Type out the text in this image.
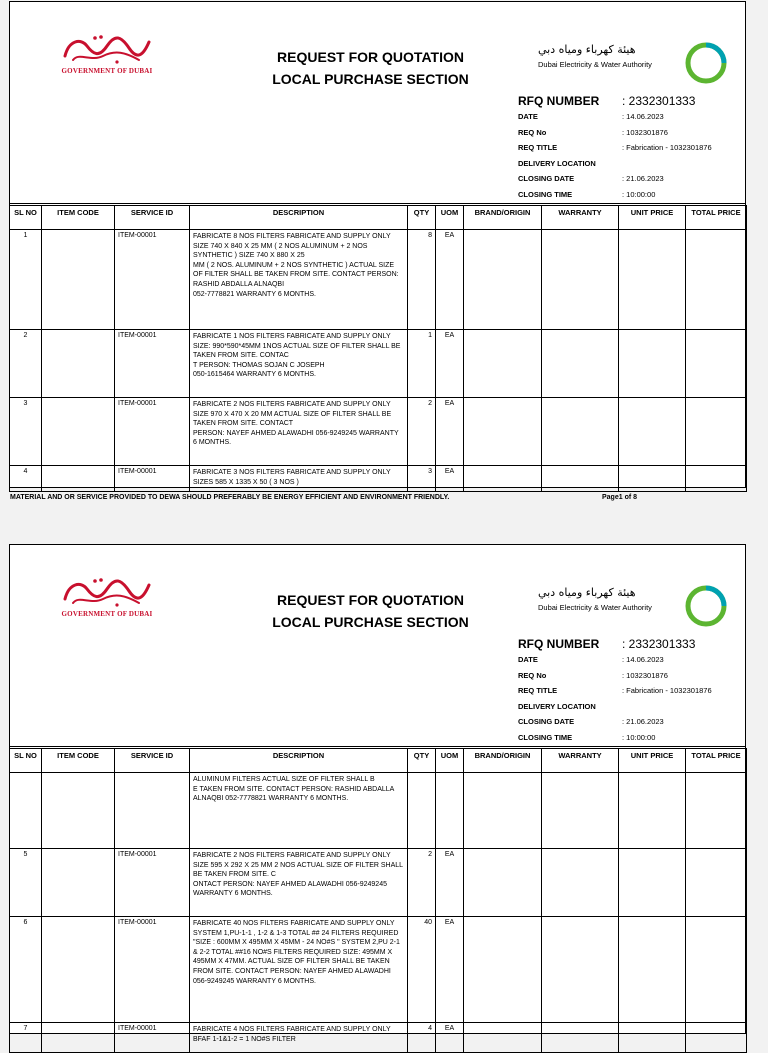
GOVERNMENT OF DUBAI
REQUEST FOR QUOTATION
LOCAL PURCHASE SECTION
هيئة كهرباء ومياه دبي
Dubai Electricity & Water Authority
RFQ NUMBER : 2332301333
DATE	: 14.06.2023
REQ No	: 1032301876
REQ TITLE	: Fabrication - 1032301876
DELIVERY LOCATION
CLOSING DATE	: 21.06.2023
CLOSING TIME	: 10:00:00
SL NO	ITEM CODE	SERVICE ID	DESCRIPTION	QTY	UOM	BRAND/ORIGIN	WARRANTY	UNIT PRICE	TOTAL PRICE
1		ITEM-00001	FABRICATE 8 NOS FILTERS FABRICATE AND SUPPLY ONLY SIZE 740 X 840 X 25 MM ( 2 NOS ALUMINUM + 2 NOS SYNTHETIC ) SIZE 740 X 880 X 25
MM ( 2 NOS. ALUMINUM + 2 NOS SYNTHETIC ) ACTUAL SIZE OF FILTER SHALL BE TAKEN FROM SITE. CONTACT PERSON: RASHID ABDALLA ALNAQBI
052-7778821 WARRANTY 6 MONTHS.	8	EA				
2		ITEM-00001	FABRICATE 1 NOS FILTERS FABRICATE AND SUPPLY ONLY SIZE: 990*590*45MM 1NOS ACTUAL SIZE OF FILTER SHALL BE TAKEN FROM SITE. CONTAC
T PERSON: THOMAS SOJAN C JOSEPH
050-1615464 WARRANTY 6 MONTHS.	1	EA				
3		ITEM-00001	FABRICATE 2 NOS FILTERS FABRICATE AND SUPPLY ONLY SIZE 970 X 470 X 20 MM ACTUAL SIZE OF FILTER SHALL BE TAKEN FROM SITE. CONTACT
PERSON: NAYEF AHMED ALAWADHI 056-9249245 WARRANTY 6 MONTHS.	2	EA				
4		ITEM-00001	FABRICATE 3 NOS FILTERS FABRICATE AND SUPPLY ONLY SIZES 585 X 1335 X 50 ( 3 NOS )	3	EA				
MATERIAL AND OR SERVICE PROVIDED TO DEWA SHOULD PREFERABLY BE ENERGY EFFICIENT AND ENVIRONMENT FRIENDLY.	Page1 of 8
GOVERNMENT OF DUBAI
REQUEST FOR QUOTATION
LOCAL PURCHASE SECTION
هيئة كهرباء ومياه دبي
Dubai Electricity & Water Authority
RFQ NUMBER : 2332301333
DATE	: 14.06.2023
REQ No	: 1032301876
REQ TITLE	: Fabrication - 1032301876
DELIVERY LOCATION
CLOSING DATE	: 21.06.2023
CLOSING TIME	: 10:00:00
SL NO	ITEM CODE	SERVICE ID	DESCRIPTION	QTY	UOM	BRAND/ORIGIN	WARRANTY	UNIT PRICE	TOTAL PRICE
			ALUMINUM FILTERS ACTUAL SIZE OF FILTER SHALL B
E TAKEN FROM SITE. CONTACT PERSON: RASHID ABDALLA ALNAQBI 052-7778821 WARRANTY 6 MONTHS.						
5		ITEM-00001	FABRICATE 2 NOS FILTERS FABRICATE AND SUPPLY ONLY SIZE 595 X 292 X 25 MM 2 NOS ACTUAL SIZE OF FILTER SHALL BE TAKEN FROM SITE. C
ONTACT PERSON: NAYEF AHMED ALAWADHI 056-9249245 WARRANTY 6 MONTHS.	2	EA				
6		ITEM-00001	FABRICATE 40 NOS FILTERS FABRICATE AND SUPPLY ONLY SYSTEM 1,PU-1-1 , 1-2 & 1-3 TOTAL ## 24 FILTERS REQUIRED "SIZE : 600MM X 495MM X 45MM - 24 NO#S " SYSTEM 2,PU 2-1 & 2-2 TOTAL ##16 NO#S FILTERS REQUIRED SIZE: 495MM X 495MM X 47MM. ACTUAL SIZE OF FILTER SHALL BE TAKEN FROM SITE. CONTACT PERSON: NAYEF AHMED ALAWADHI 056-9249245 WARRANTY 6 MONTHS.	40	EA				
7		ITEM-00001	FABRICATE 4 NOS FILTERS FABRICATE AND SUPPLY ONLY BFAF 1-1&1-2 = 1 NO#S FILTER	4	EA				
